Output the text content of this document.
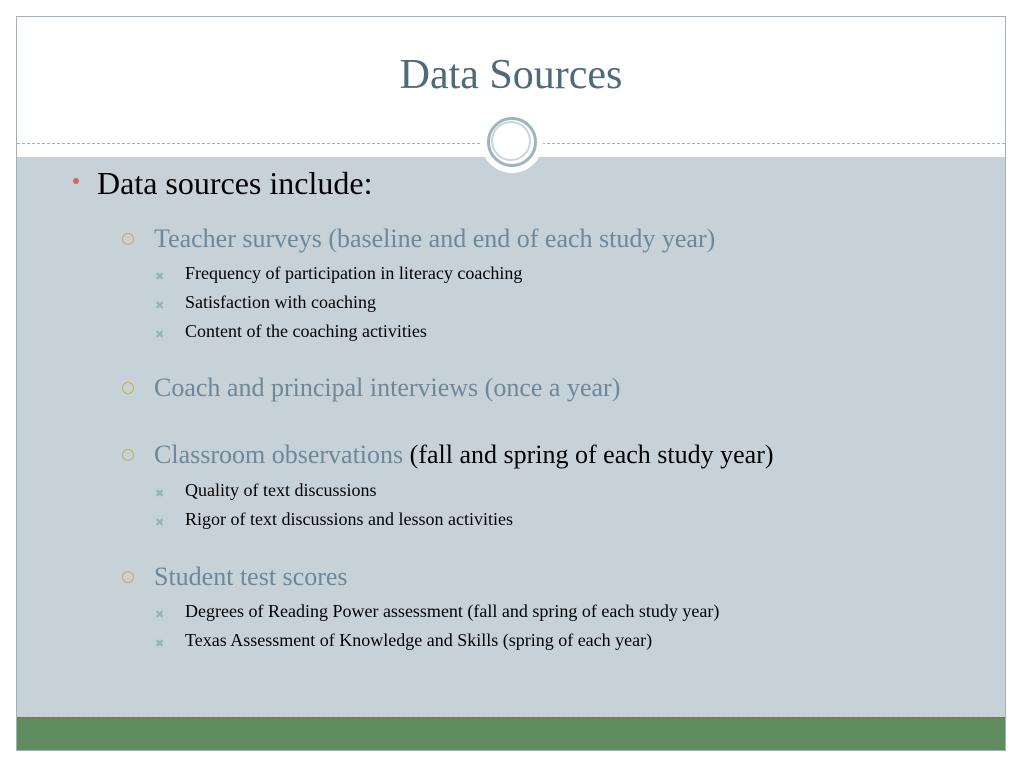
Data Sources
Data sources include:
Teacher surveys (baseline and end of each study year)
✖ Frequency of participation in literacy coaching
✖ Satisfaction with coaching
✖ Content of the coaching activities
Coach and principal interviews (once a year)
Classroom observations (fall and spring of each study year)
✖ Quality of text discussions
✖ Rigor of text discussions and lesson activities
Student test scores
✖ Degrees of Reading Power assessment (fall and spring of each study year)
✖ Texas Assessment of Knowledge and Skills (spring of each year)
